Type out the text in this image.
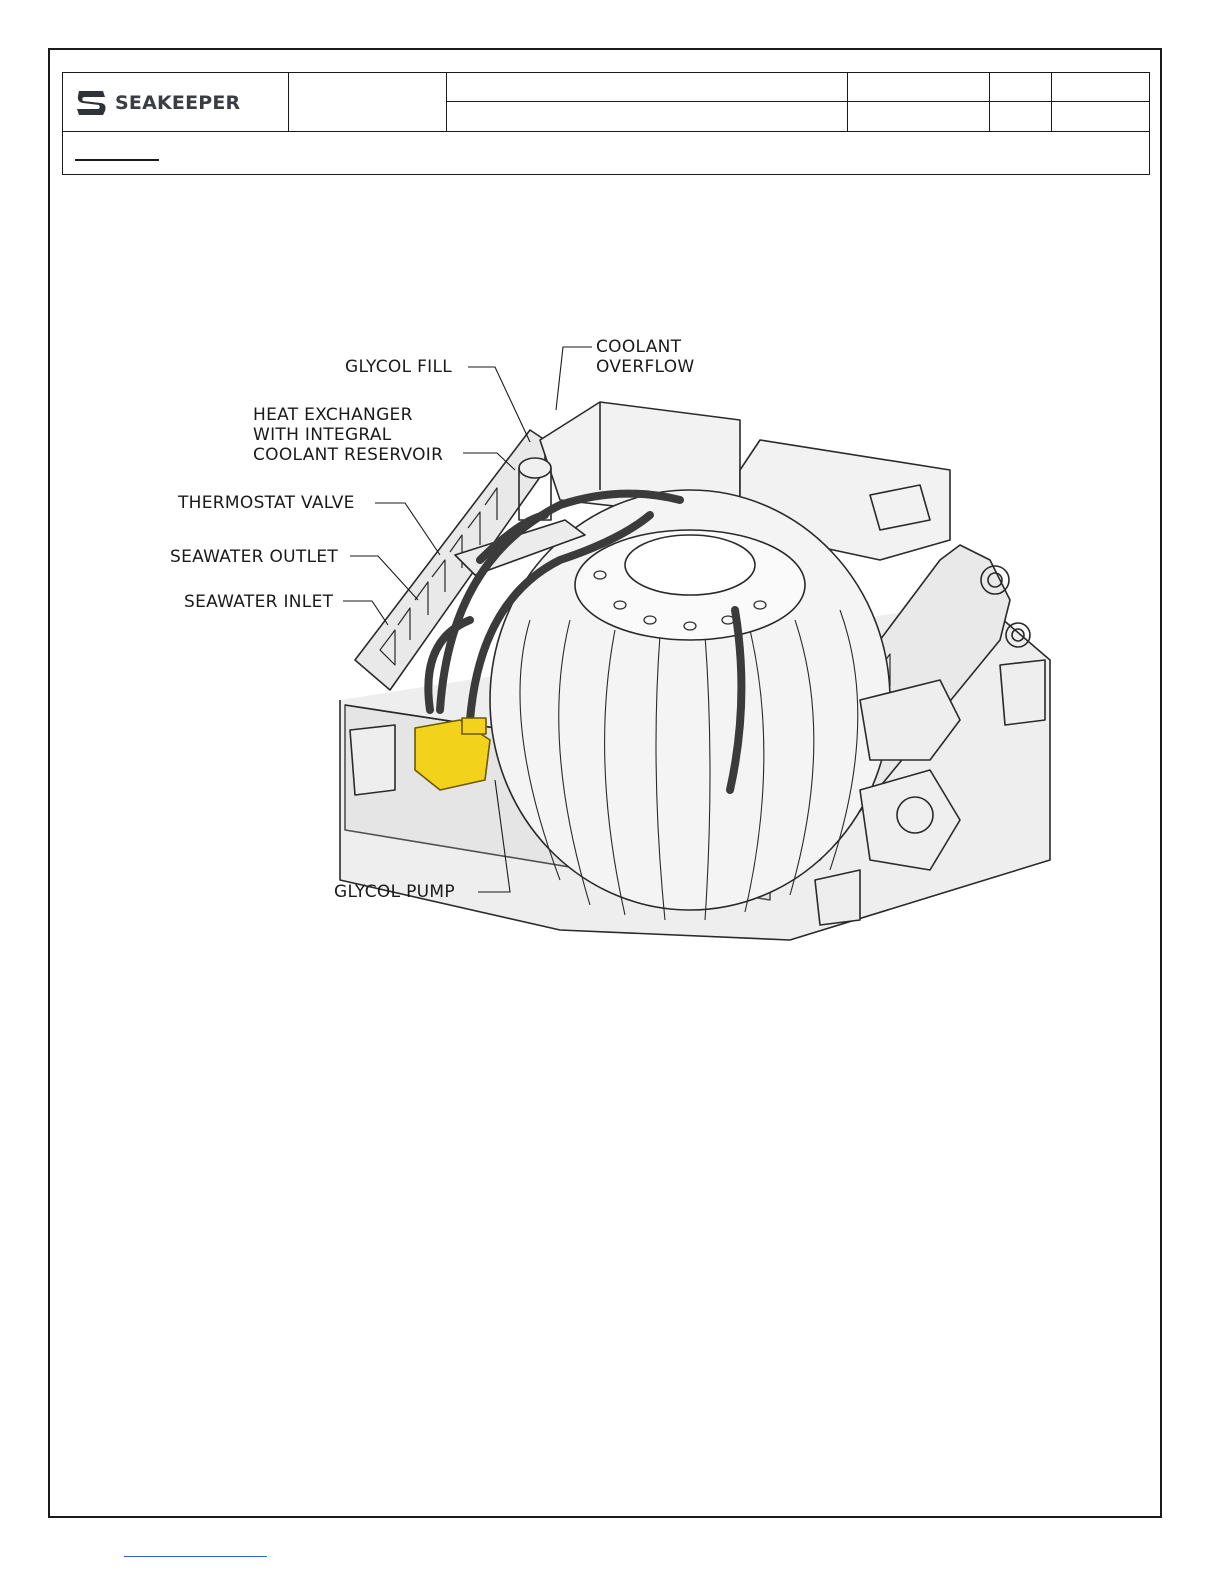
SEAKEEPER
GLYCOL FILL
COOLANT
OVERFLOW
HEAT EXCHANGER
WITH INTEGRAL
COOLANT RESERVOIR
THERMOSTAT VALVE
SEAWATER OUTLET
SEAWATER INLET
GLYCOL PUMP
